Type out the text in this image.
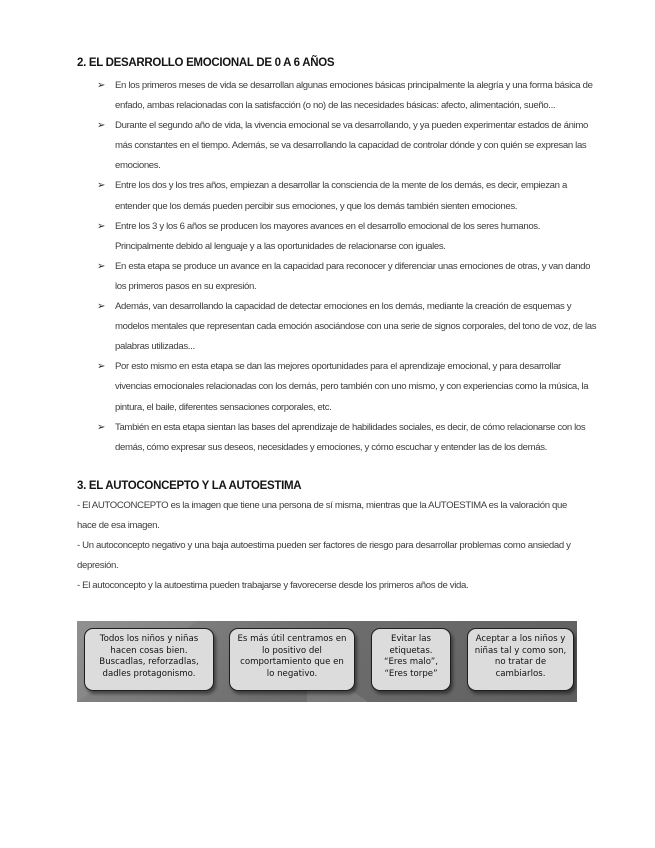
2. EL DESARROLLO EMOCIONAL DE 0 A 6 AÑOS
➢ En los primeros meses de vida se desarrollan algunas emociones básicas principalmente la alegría y una forma básica de enfado, ambas relacionadas con la satisfacción (o no) de las necesidades básicas: afecto, alimentación, sueño...
➢ Durante el segundo año de vida, la vivencia emocional se va desarrollando, y ya pueden experimentar estados de ánimo más constantes en el tiempo. Además, se va desarrollando la capacidad de controlar dónde y con quién se expresan las emociones.
➢ Entre los dos y los tres años, empiezan a desarrollar la consciencia de la mente de los demás, es decir, empiezan a entender que los demás pueden percibir sus emociones, y que los demás también sienten emociones.
➢ Entre los 3 y los 6 años se producen los mayores avances en el desarrollo emocional de los seres humanos. Principalmente debido al lenguaje y a las oportunidades de relacionarse con iguales.
➢ En esta etapa se produce un avance en la capacidad para reconocer y diferenciar unas emociones de otras, y van dando los primeros pasos en su expresión.
➢ Además, van desarrollando la capacidad de detectar emociones en los demás, mediante la creación de esquemas y modelos mentales que representan cada emoción asociándose con una serie de signos corporales, del tono de voz, de las palabras utilizadas...
➢ Por esto mismo en esta etapa se dan las mejores oportunidades para el aprendizaje emocional, y para desarrollar vivencias emocionales relacionadas con los demás, pero también con uno mismo, y con experiencias como la música, la pintura, el baile, diferentes sensaciones corporales, etc.
➢ También en esta etapa sientan las bases del aprendizaje de habilidades sociales, es decir, de cómo relacionarse con los demás, cómo expresar sus deseos, necesidades y emociones, y cómo escuchar y entender las de los demás.
3. EL AUTOCONCEPTO Y LA AUTOESTIMA
- El AUTOCONCEPTO es la imagen que tiene una persona de sí misma, mientras que la AUTOESTIMA es la valoración que hace de esa imagen.
- Un autoconcepto negativo y una baja autoestima pueden ser factores de riesgo para desarrollar problemas como ansiedad y depresión.
- El autoconcepto y la autoestima pueden trabajarse y favorecerse desde los primeros años de vida.
Todos los niños y niñas hacen cosas bien. Buscadlas, reforzadlas, dadles protagonismo.
Es más útil centramos en lo positivo del comportamiento que en lo negativo.
Evitar las etiquetas. “Eres malo”, “Eres torpe”
Aceptar a los niños y niñas tal y como son, no tratar de cambiarlos.
